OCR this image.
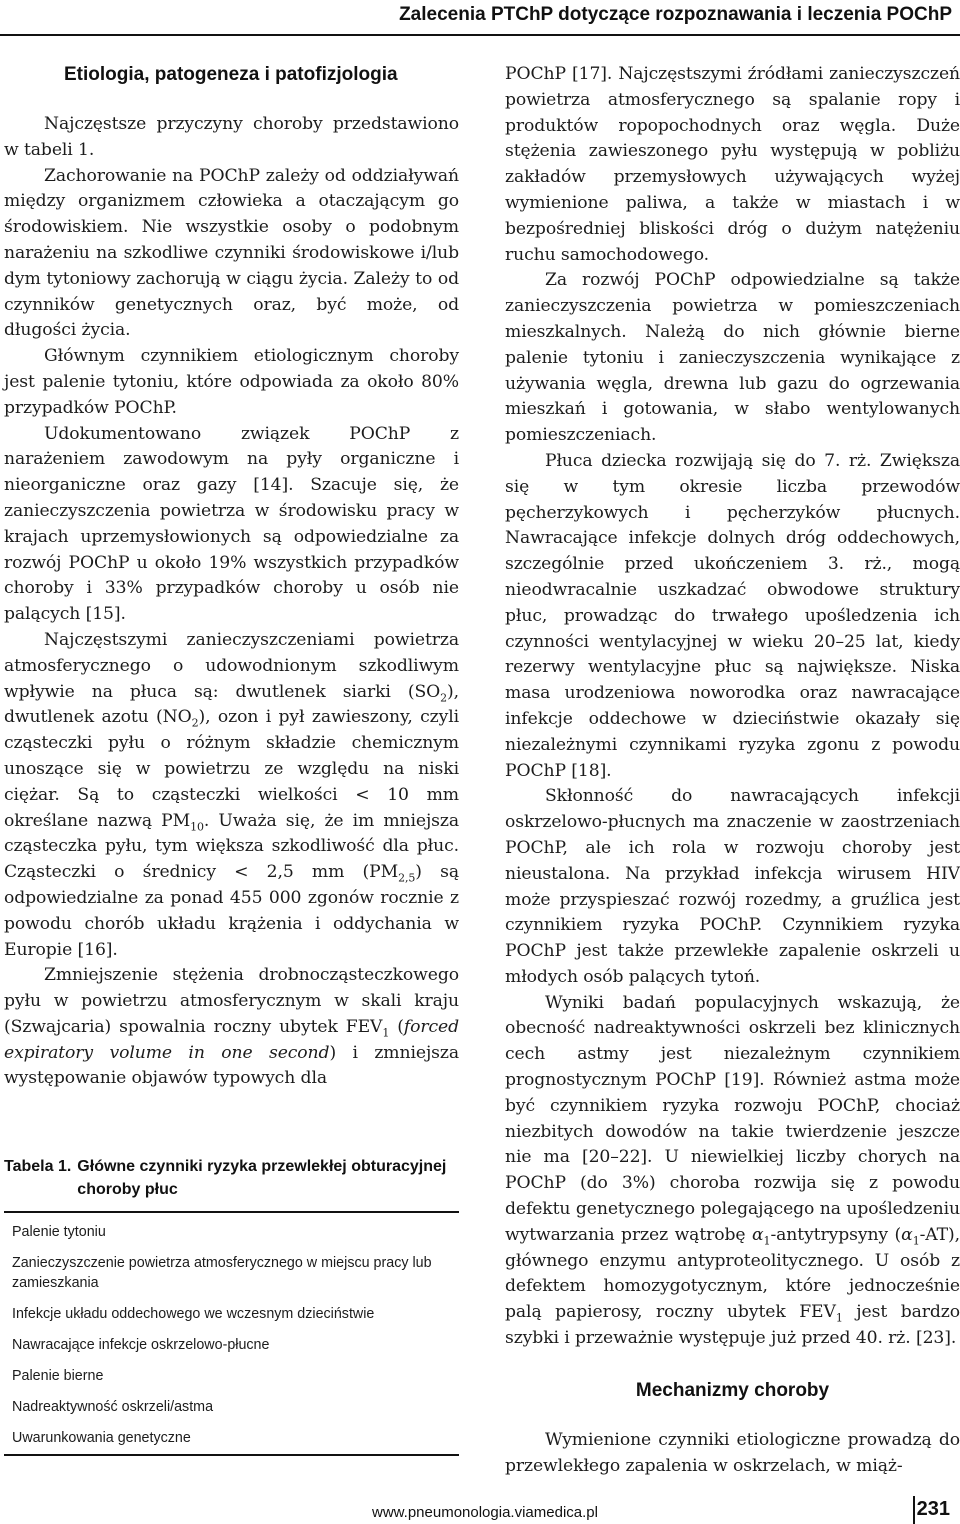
Zalecenia PTChP dotyczące rozpoznawania i leczenia POChP
Etiologia, patogeneza i patofizjologia

Najczęstsze przyczyny choroby przedstawiono w tabeli 1.

Zachorowanie na POChP zależy od oddziaływań między organizmem człowieka a otaczającym go środowiskiem. Nie wszystkie osoby o podobnym narażeniu na szkodliwe czynniki środowiskowe i/lub dym tytoniowy zachorują w ciągu życia. Zależy to od czynników genetycznych oraz, być może, od długości życia.

Głównym czynnikiem etiologicznym choroby jest palenie tytoniu, które odpowiada za około 80% przypadków POChP.

Udokumentowano związek POChP z narażeniem zawodowym na pyły organiczne i nieorganiczne oraz gazy [14]. Szacuje się, że zanieczyszczenia powietrza w środowisku pracy w krajach uprzemysłowionych są odpowiedzialne za rozwój POChP u około 19% wszystkich przypadków choroby i 33% przypadków choroby u osób nie palących [15].

Najczęstszymi zanieczyszczeniami powietrza atmosferycznego o udowodnionym szkodliwym wpływie na płuca są: dwutlenek siarki $(SO_2)$, dwutlenek azotu $(NO_2)$, ozon i pył zawieszony, czyli cząsteczki pyłu o różnym składzie chemicznym unoszące się w powietrzu ze względu na niski ciężar. Są to cząsteczki wielkości < 10 mm określane nazwą $PM_{10}$. Uważa się, że im mniejsza cząsteczka pyłu, tym większa szkodliwość dla płuc. Cząsteczki o średnicy < 2,5 mm $(PM_{2,5})$ są odpowiedzialne za ponad 455 000 zgonów rocznie z powodu chorób układu krążenia i oddychania w Europie [16].

Zmniejszenie stężenia drobnocząsteczkowego pyłu w powietrzu atmosferycznym w skali kraju (Szwajcaria) spowalnia roczny ubytek $FEV_1$ (forced expiratory volume in one second) i zmniejsza występowanie objawów typowych dla

Tabela 1. Główne czynniki ryzyka przewlekłej obturacyjnej choroby płuc
Palenie tytoniu
Zanieczyszczenie powietrza atmosferycznego w miejscu pracy lub zamieszkania
Infekcje układu oddechowego we wczesnym dzieciństwie
Nawracające infekcje oskrzelowo-płucne
Palenie bierne
Nadreaktywność oskrzeli/astma
Uwarunkowania genetyczne

POChP [17]. Najczęstszymi źródłami zanieczyszczeń powietrza atmosferycznego są spalanie ropy i produktów ropopochodnych oraz węgla. Duże stężenia zawieszonego pyłu występują w pobliżu zakładów przemysłowych używających wyżej wymienione paliwa, a także w miastach i w bezpośredniej bliskości dróg o dużym natężeniu ruchu samochodowego.

Za rozwój POChP odpowiedzialne są także zanieczyszczenia powietrza w pomieszczeniach mieszkalnych. Należą do nich głównie bierne palenie tytoniu i zanieczyszczenia wynikające z używania węgla, drewna lub gazu do ogrzewania mieszkań i gotowania, w słabo wentylowanych pomieszczeniach.

Płuca dziecka rozwijają się do 7. rż. Zwiększa się w tym okresie liczba przewodów pęcherzykowych i pęcherzyków płucnych. Nawracające infekcje dolnych dróg oddechowych, szczególnie przed ukończeniem 3. rż., mogą nieodwracalnie uszkadzać obwodowe struktury płuc, prowadząc do trwałego upośledzenia ich czynności wentylacyjnej w wieku 20–25 lat, kiedy rezerwy wentylacyjne płuc są największe. Niska masa urodzeniowa noworodka oraz nawracające infekcje oddechowe w dzieciństwie okazały się niezależnymi czynnikami ryzyka zgonu z powodu POChP [18].

Skłonność do nawracających infekcji oskrzelowo-płucnych ma znaczenie w zaostrzeniach POChP, ale ich rola w rozwoju choroby jest nieustalona. Na przykład infekcja wirusem HIV może przyspieszać rozwój rozedmy, a gruźlica jest czynnikiem ryzyka POChP. Czynnikiem ryzyka POChP jest także przewlekłe zapalenie oskrzeli u młodych osób palących tytoń.

Wyniki badań populacyjnych wskazują, że obecność nadreaktywności oskrzeli bez klinicznych cech astmy jest niezależnym czynnikiem prognostycznym POChP [19]. Również astma może być czynnikiem ryzyka rozwoju POChP, chociaż niezbitych dowodów na takie twierdzenie jeszcze nie ma [20–22]. U niewielkiej liczby chorych na POChP (do 3%) choroba rozwija się z powodu defektu genetycznego polegającego na upośledzeniu wytwarzania przez wątrobę $\alpha_1$-antytrypsyny $(\alpha_1-AT)$, głównego enzymu antyproteolitycznego. U osób z defektem homozygotycznym, które jednocześnie palą papierosy, roczny ubytek $FEV_1$ jest bardzo szybki i przeważnie występuje już przed 40. rż. [23].

Mechanizmy choroby

Wymienione czynniki etiologiczne prowadzą do przewlekłego zapalenia w oskrzelach, w miąż-

www.pneumonologia.viamedica.pl	231
